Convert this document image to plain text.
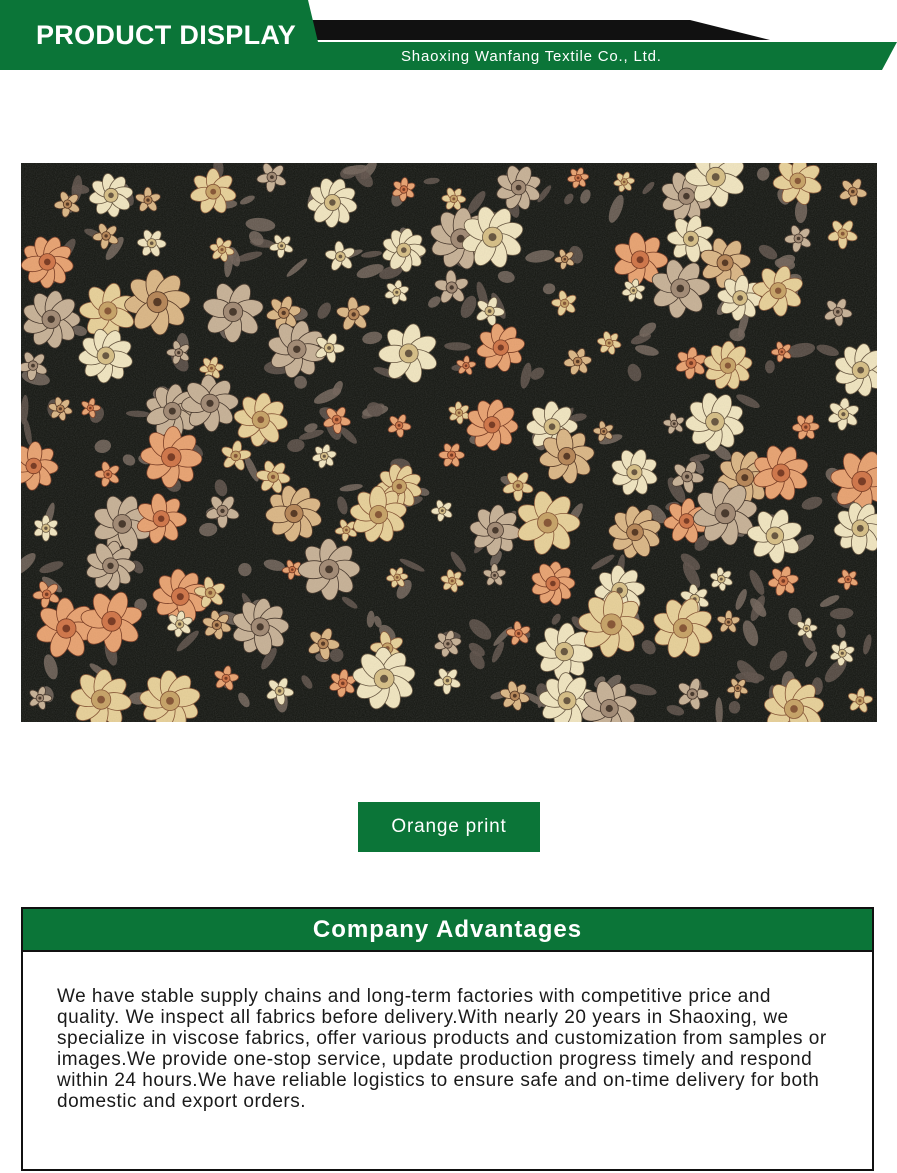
PRODUCT DISPLAY
Shaoxing Wanfang Textile Co., Ltd.
Orange print
Company Advantages

We have stable supply chains and long-term factories with competitive price and quality. We inspect all fabrics before delivery.With nearly 20 years in Shaoxing, we specialize in viscose fabrics, offer various products and customization from samples or images.We provide one-stop service, update production progress timely and respond within 24 hours.We have reliable logistics to ensure safe and on-time delivery for both domestic and export orders.
